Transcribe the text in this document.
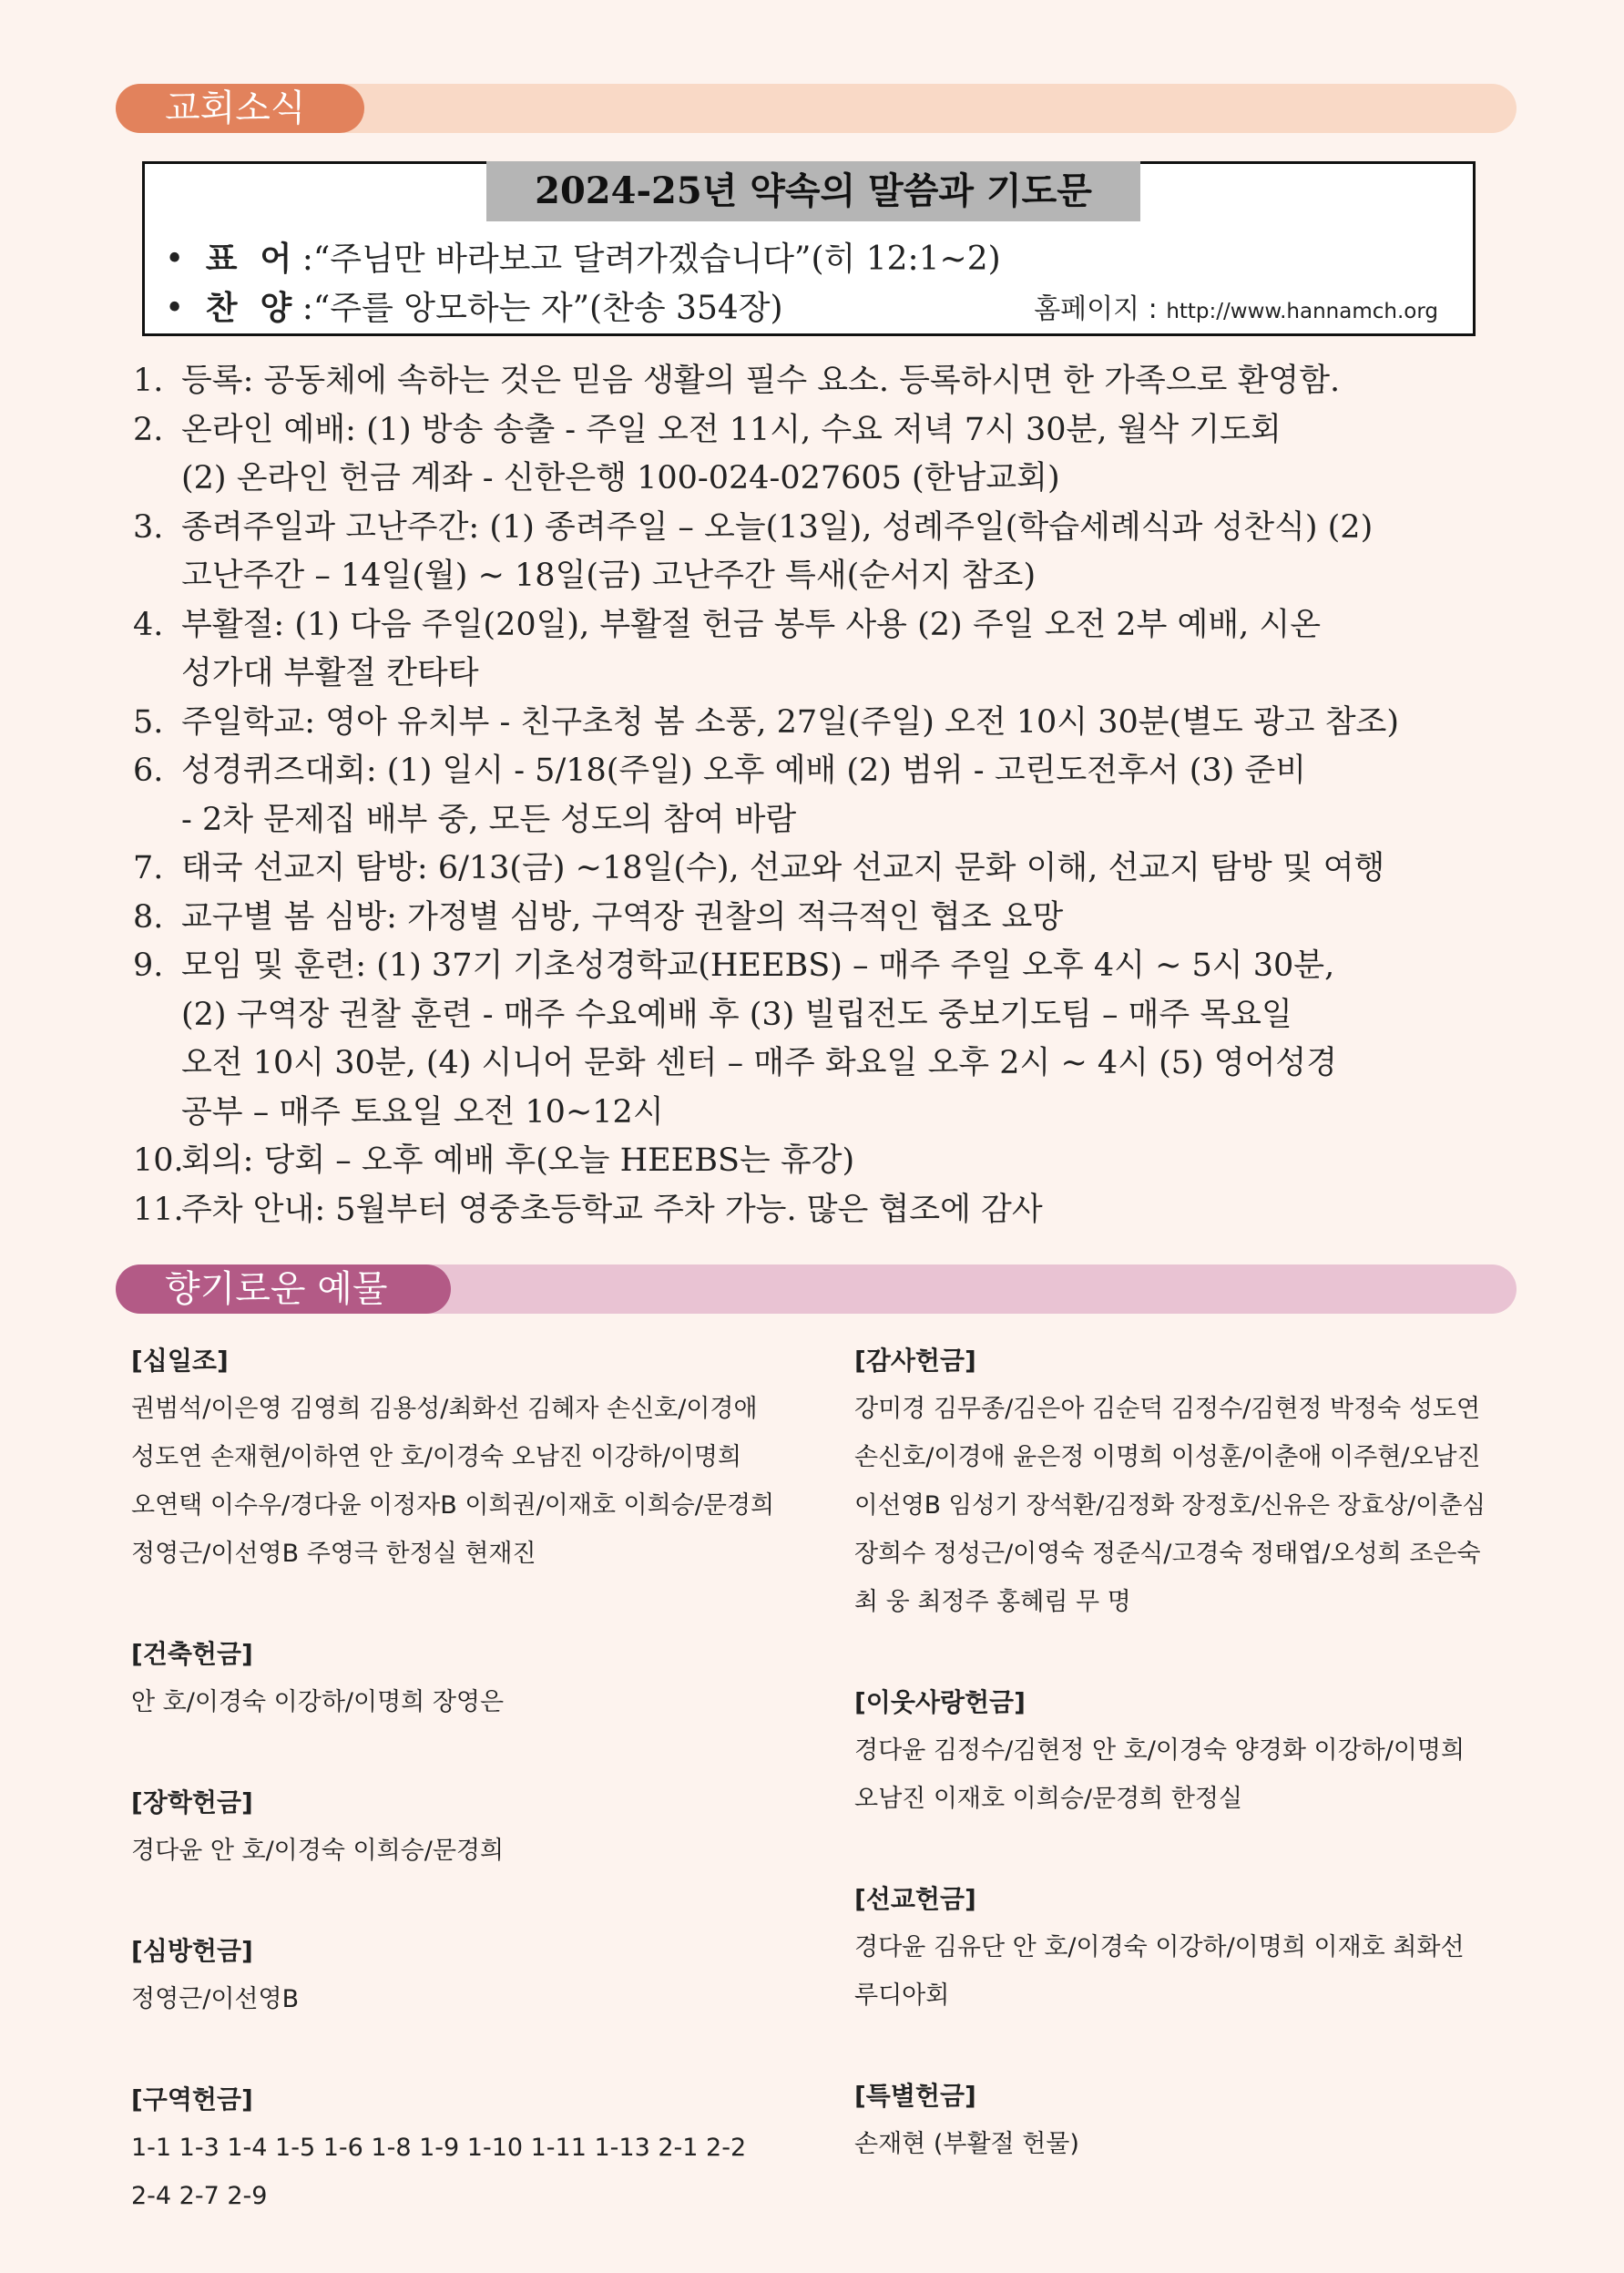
교회소식
2024-25년 약속의 말씀과 기도문
• 표  어 :“주님만 바라보고 달려가겠습니다”(히 12:1~2)
• 찬  양 :“주를 앙모하는 자”(찬송 354장)	홈페이지 : http://www.hannamch.org
1. 등록: 공동체에 속하는 것은 믿음 생활의 필수 요소. 등록하시면 한 가족으로 환영함.
2. 온라인 예배: (1) 방송 송출 - 주일 오전 11시, 수요 저녁 7시 30분, 월삭 기도회
(2) 온라인 헌금 계좌 - 신한은행 100-024-027605 (한남교회)
3. 종려주일과 고난주간: (1) 종려주일 – 오늘(13일), 성례주일(학습세례식과 성찬식) (2)
고난주간 – 14일(월) ~ 18일(금) 고난주간 특새(순서지 참조)
4. 부활절: (1) 다음 주일(20일), 부활절 헌금 봉투 사용 (2) 주일 오전 2부 예배, 시온
성가대 부활절 칸타타
5. 주일학교: 영아 유치부 - 친구초청 봄 소풍, 27일(주일) 오전 10시 30분(별도 광고 참조)
6. 성경퀴즈대회: (1) 일시 - 5/18(주일) 오후 예배 (2) 범위 - 고린도전후서 (3) 준비
- 2차 문제집 배부 중, 모든 성도의 참여 바람
7. 태국 선교지 탐방: 6/13(금) ~18일(수), 선교와 선교지 문화 이해, 선교지 탐방 및 여행
8. 교구별 봄 심방: 가정별 심방, 구역장 권찰의 적극적인 협조 요망
9. 모임 및 훈련: (1) 37기 기초성경학교(HEEBS) – 매주 주일 오후 4시 ~ 5시 30분,
(2) 구역장 권찰 훈련 - 매주 수요예배 후 (3) 빌립전도 중보기도팀 – 매주 목요일
오전 10시 30분, (4) 시니어 문화 센터 – 매주 화요일 오후 2시 ~ 4시 (5) 영어성경
공부 – 매주 토요일 오전 10~12시
10.
회의: 당회 – 오후 예배 후(오늘 HEEBS는 휴강)
11.
주차 안내: 5월부터 영중초등학교 주차 가능. 많은 협조에 감사
향기로운 예물
[십일조]
권범석/이은영 김영희 김용성/최화선 김혜자 손신호/이경애
성도연 손재현/이하연 안 호/이경숙 오남진 이강하/이명희
오연택 이수우/경다윤 이정자B 이희권/이재호 이희승/문경희
정영근/이선영B 주영극 한정실 현재진
[건축헌금]
안 호/이경숙 이강하/이명희 장영은
[장학헌금]
경다윤 안 호/이경숙 이희승/문경희
[심방헌금]
정영근/이선영B
[구역헌금]
1-1 1-3 1-4 1-5 1-6 1-8 1-9 1-10 1-11 1-13 2-1 2-2
2-4 2-7 2-9
[감사헌금]
강미경 김무종/김은아 김순덕 김정수/김현정 박정숙 성도연
손신호/이경애 윤은정 이명희 이성훈/이춘애 이주현/오남진
이선영B 임성기 장석환/김정화 장정호/신유은 장효상/이춘심
장희수 정성근/이영숙 정준식/고경숙 정태엽/오성희 조은숙
최 웅 최정주 홍혜림 무 명
[이웃사랑헌금]
경다윤 김정수/김현정 안 호/이경숙 양경화 이강하/이명희
오남진 이재호 이희승/문경희 한정실
[선교헌금]
경다윤 김유단 안 호/이경숙 이강하/이명희 이재호 최화선
루디아회
[특별헌금]
손재현 (부활절 헌물)
